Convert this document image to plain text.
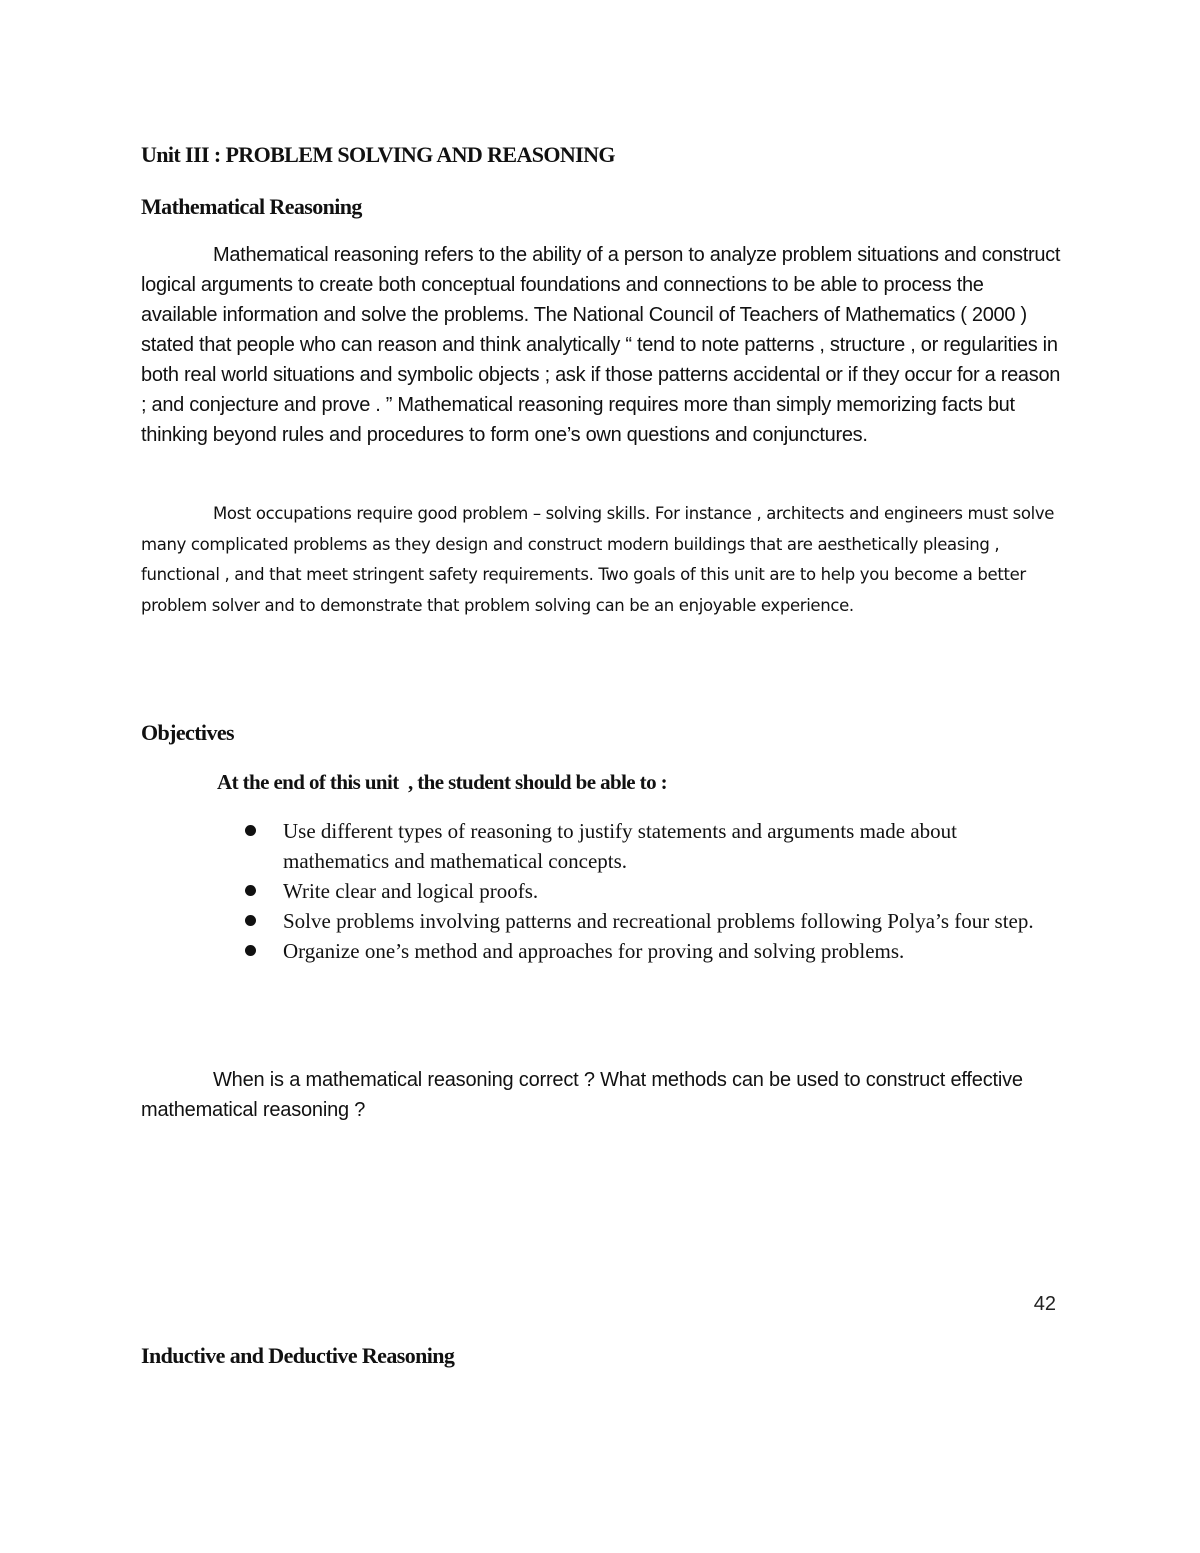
Unit III : PROBLEM SOLVING AND REASONING
Mathematical Reasoning

Mathematical reasoning refers to the ability of a person to analyze problem situations and construct logical arguments to create both conceptual foundations and connections to be able to process the available information and solve the problems. The National Council of Teachers of Mathematics ( 2000 ) stated that people who can reason and think analytically “ tend to note patterns , structure , or regularities in both real world situations and symbolic objects ; ask if those patterns accidental or if they occur for a reason ; and conjecture and prove . ” Mathematical reasoning requires more than simply memorizing facts but thinking beyond rules and procedures to form one’s own questions and conjunctures.

Most occupations require good problem – solving skills. For instance , architects and engineers must solve many complicated problems as they design and construct modern buildings that are aesthetically pleasing , functional , and that meet stringent safety requirements. Two goals of this unit are to help you become a better problem solver and to demonstrate that problem solving can be an enjoyable experience.

Objectives
At the end of this unit  , the student should be able to :
Use different types of reasoning to justify statements and arguments made about mathematics and mathematical concepts.
Write clear and logical proofs.
Solve problems involving patterns and recreational problems following Polya’s four step.
Organize one’s method and approaches for proving and solving problems.

When is a mathematical reasoning correct ? What methods can be used to construct effective mathematical reasoning ?

42
Inductive and Deductive Reasoning
